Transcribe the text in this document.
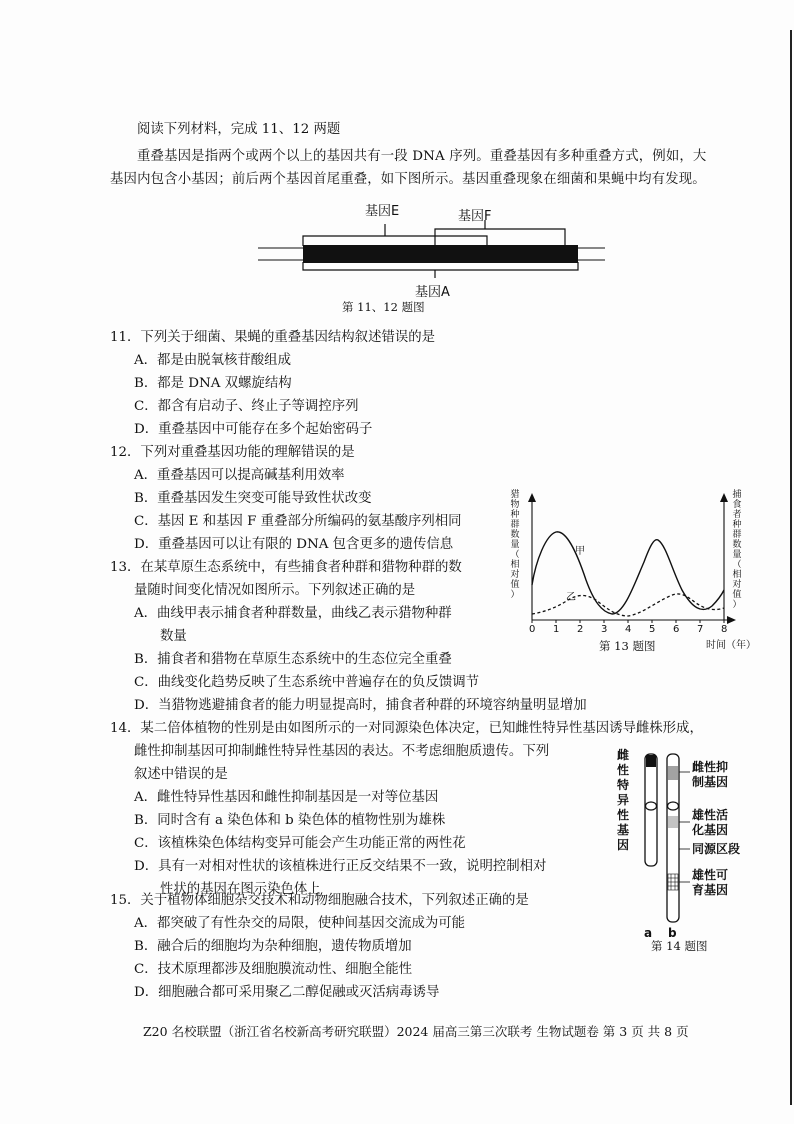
阅读下列材料，完成 11、12 两题
重叠基因是指两个或两个以上的基因共有一段 DNA 序列。重叠基因有多种重叠方式，例如，大
基因内包含小基因；前后两个基因首尾重叠，如下图所示。基因重叠现象在细菌和果蝇中均有发现。
基因E	基因F
基因A
第 11、12 题图
11．下列关于细菌、果蝇的重叠基因结构叙述错误的是
A．都是由脱氧核苷酸组成
B．都是 DNA 双螺旋结构
C．都含有启动子、终止子等调控序列
D．重叠基因中可能存在多个起始密码子
12．下列对重叠基因功能的理解错误的是
A．重叠基因可以提高碱基利用效率
B．重叠基因发生突变可能导致性状改变
C．基因 E 和基因 F 重叠部分所编码的氨基酸序列相同
D．重叠基因可以让有限的 DNA 包含更多的遗传信息
13．在某草原生态系统中，有些捕食者种群和猎物种群的数
量随时间变化情况如图所示。下列叙述正确的是
A．曲线甲表示捕食者种群数量，曲线乙表示猎物种群
数量
B．捕食者和猎物在草原生态系统中的生态位完全重叠
C．曲线变化趋势反映了生态系统中普遍存在的负反馈调节
D．当猎物逃避捕食者的能力明显提高时，捕食者种群的环境容纳量明显增加
甲
乙
0 1 2 3 4 5 6 7 8
时间（年）
猎
物
种
群
数
量
（
相
对
值
）
捕
食
者
种
群
数
量
（
相
对
值
）
第 13 题图
14．某二倍体植物的性别是由如图所示的一对同源染色体决定，已知雌性特异性基因诱导雌株形成，
雌性抑制基因可抑制雌性特异性基因的表达。不考虑细胞质遗传。下列
叙述中错误的是
A．雌性特异性基因和雌性抑制基因是一对等位基因
B．同时含有 a 染色体和 b 染色体的植物性别为雄株
C．该植株染色体结构变异可能会产生功能正常的两性花
D．具有一对相对性状的该植株进行正反交结果不一致，说明控制相对
性状的基因在图示染色体上
雌
性
特
异
性
基
因
雌性抑
制基因
雄性活
化基因
同源区段
雄性可
育基因
a b
第 14 题图
15．关于植物体细胞杂交技术和动物细胞融合技术，下列叙述正确的是
A．都突破了有性杂交的局限，使种间基因交流成为可能
B．融合后的细胞均为杂种细胞，遗传物质增加
C．技术原理都涉及细胞膜流动性、细胞全能性
D．细胞融合都可采用聚乙二醇促融或灭活病毒诱导
Z20 名校联盟（浙江省名校新高考研究联盟）2024 届高三第三次联考 生物试题卷 第 3 页 共 8 页
